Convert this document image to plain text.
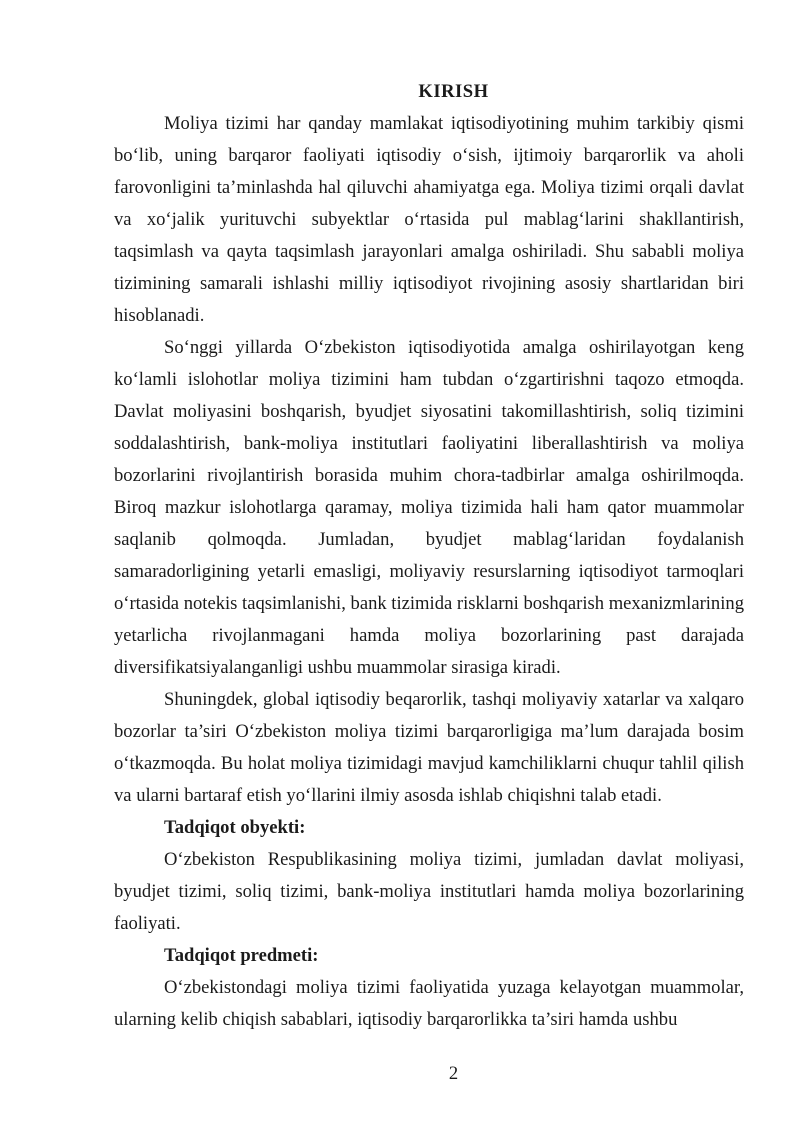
KIRISH

Moliya tizimi har qanday mamlakat iqtisodiyotining muhim tarkibiy qismi boʻlib, uning barqaror faoliyati iqtisodiy oʻsish, ijtimoiy barqarorlik va aholi farovonligini ta’minlashda hal qiluvchi ahamiyatga ega. Moliya tizimi orqali davlat va xoʻjalik yurituvchi subyektlar oʻrtasida pul mablagʻlarini shakllantirish, taqsimlash va qayta taqsimlash jarayonlari amalga oshiriladi. Shu sababli moliya tizimining samarali ishlashi milliy iqtisodiyot rivojining asosiy shartlaridan biri hisoblanadi.

Soʻnggi yillarda Oʻzbekiston iqtisodiyotida amalga oshirilayotgan keng koʻlamli islohotlar moliya tizimini ham tubdan oʻzgartirishni taqozo etmoqda. Davlat moliyasini boshqarish, byudjet siyosatini takomillashtirish, soliq tizimini soddalashtirish, bank-moliya institutlari faoliyatini liberallashtirish va moliya bozorlarini rivojlantirish borasida muhim chora-tadbirlar amalga oshirilmoqda. Biroq mazkur islohotlarga qaramay, moliya tizimida hali ham qator muammolar saqlanib qolmoqda. Jumladan, byudjet mablagʻlaridan foydalanish samaradorligining yetarli emasligi, moliyaviy resurslarning iqtisodiyot tarmoqlari oʻrtasida notekis taqsimlanishi, bank tizimida risklarni boshqarish mexanizmlarining yetarlicha rivojlanmagani hamda moliya bozorlarining past darajada diversifikatsiyalanganligi ushbu muammolar sirasiga kiradi.

Shuningdek, global iqtisodiy beqarorlik, tashqi moliyaviy xatarlar va xalqaro bozorlar ta’siri Oʻzbekiston moliya tizimi barqarorligiga ma’lum darajada bosim oʻtkazmoqda. Bu holat moliya tizimidagi mavjud kamchiliklarni chuqur tahlil qilish va ularni bartaraf etish yoʻllarini ilmiy asosda ishlab chiqishni talab etadi.

Tadqiqot obyekti:

Oʻzbekiston Respublikasining moliya tizimi, jumladan davlat moliyasi, byudjet tizimi, soliq tizimi, bank-moliya institutlari hamda moliya bozorlarining faoliyati.

Tadqiqot predmeti:

Oʻzbekistondagi moliya tizimi faoliyatida yuzaga kelayotgan muammolar, ularning kelib chiqish sabablari, iqtisodiy barqarorlikka ta’siri hamda ushbu

2
